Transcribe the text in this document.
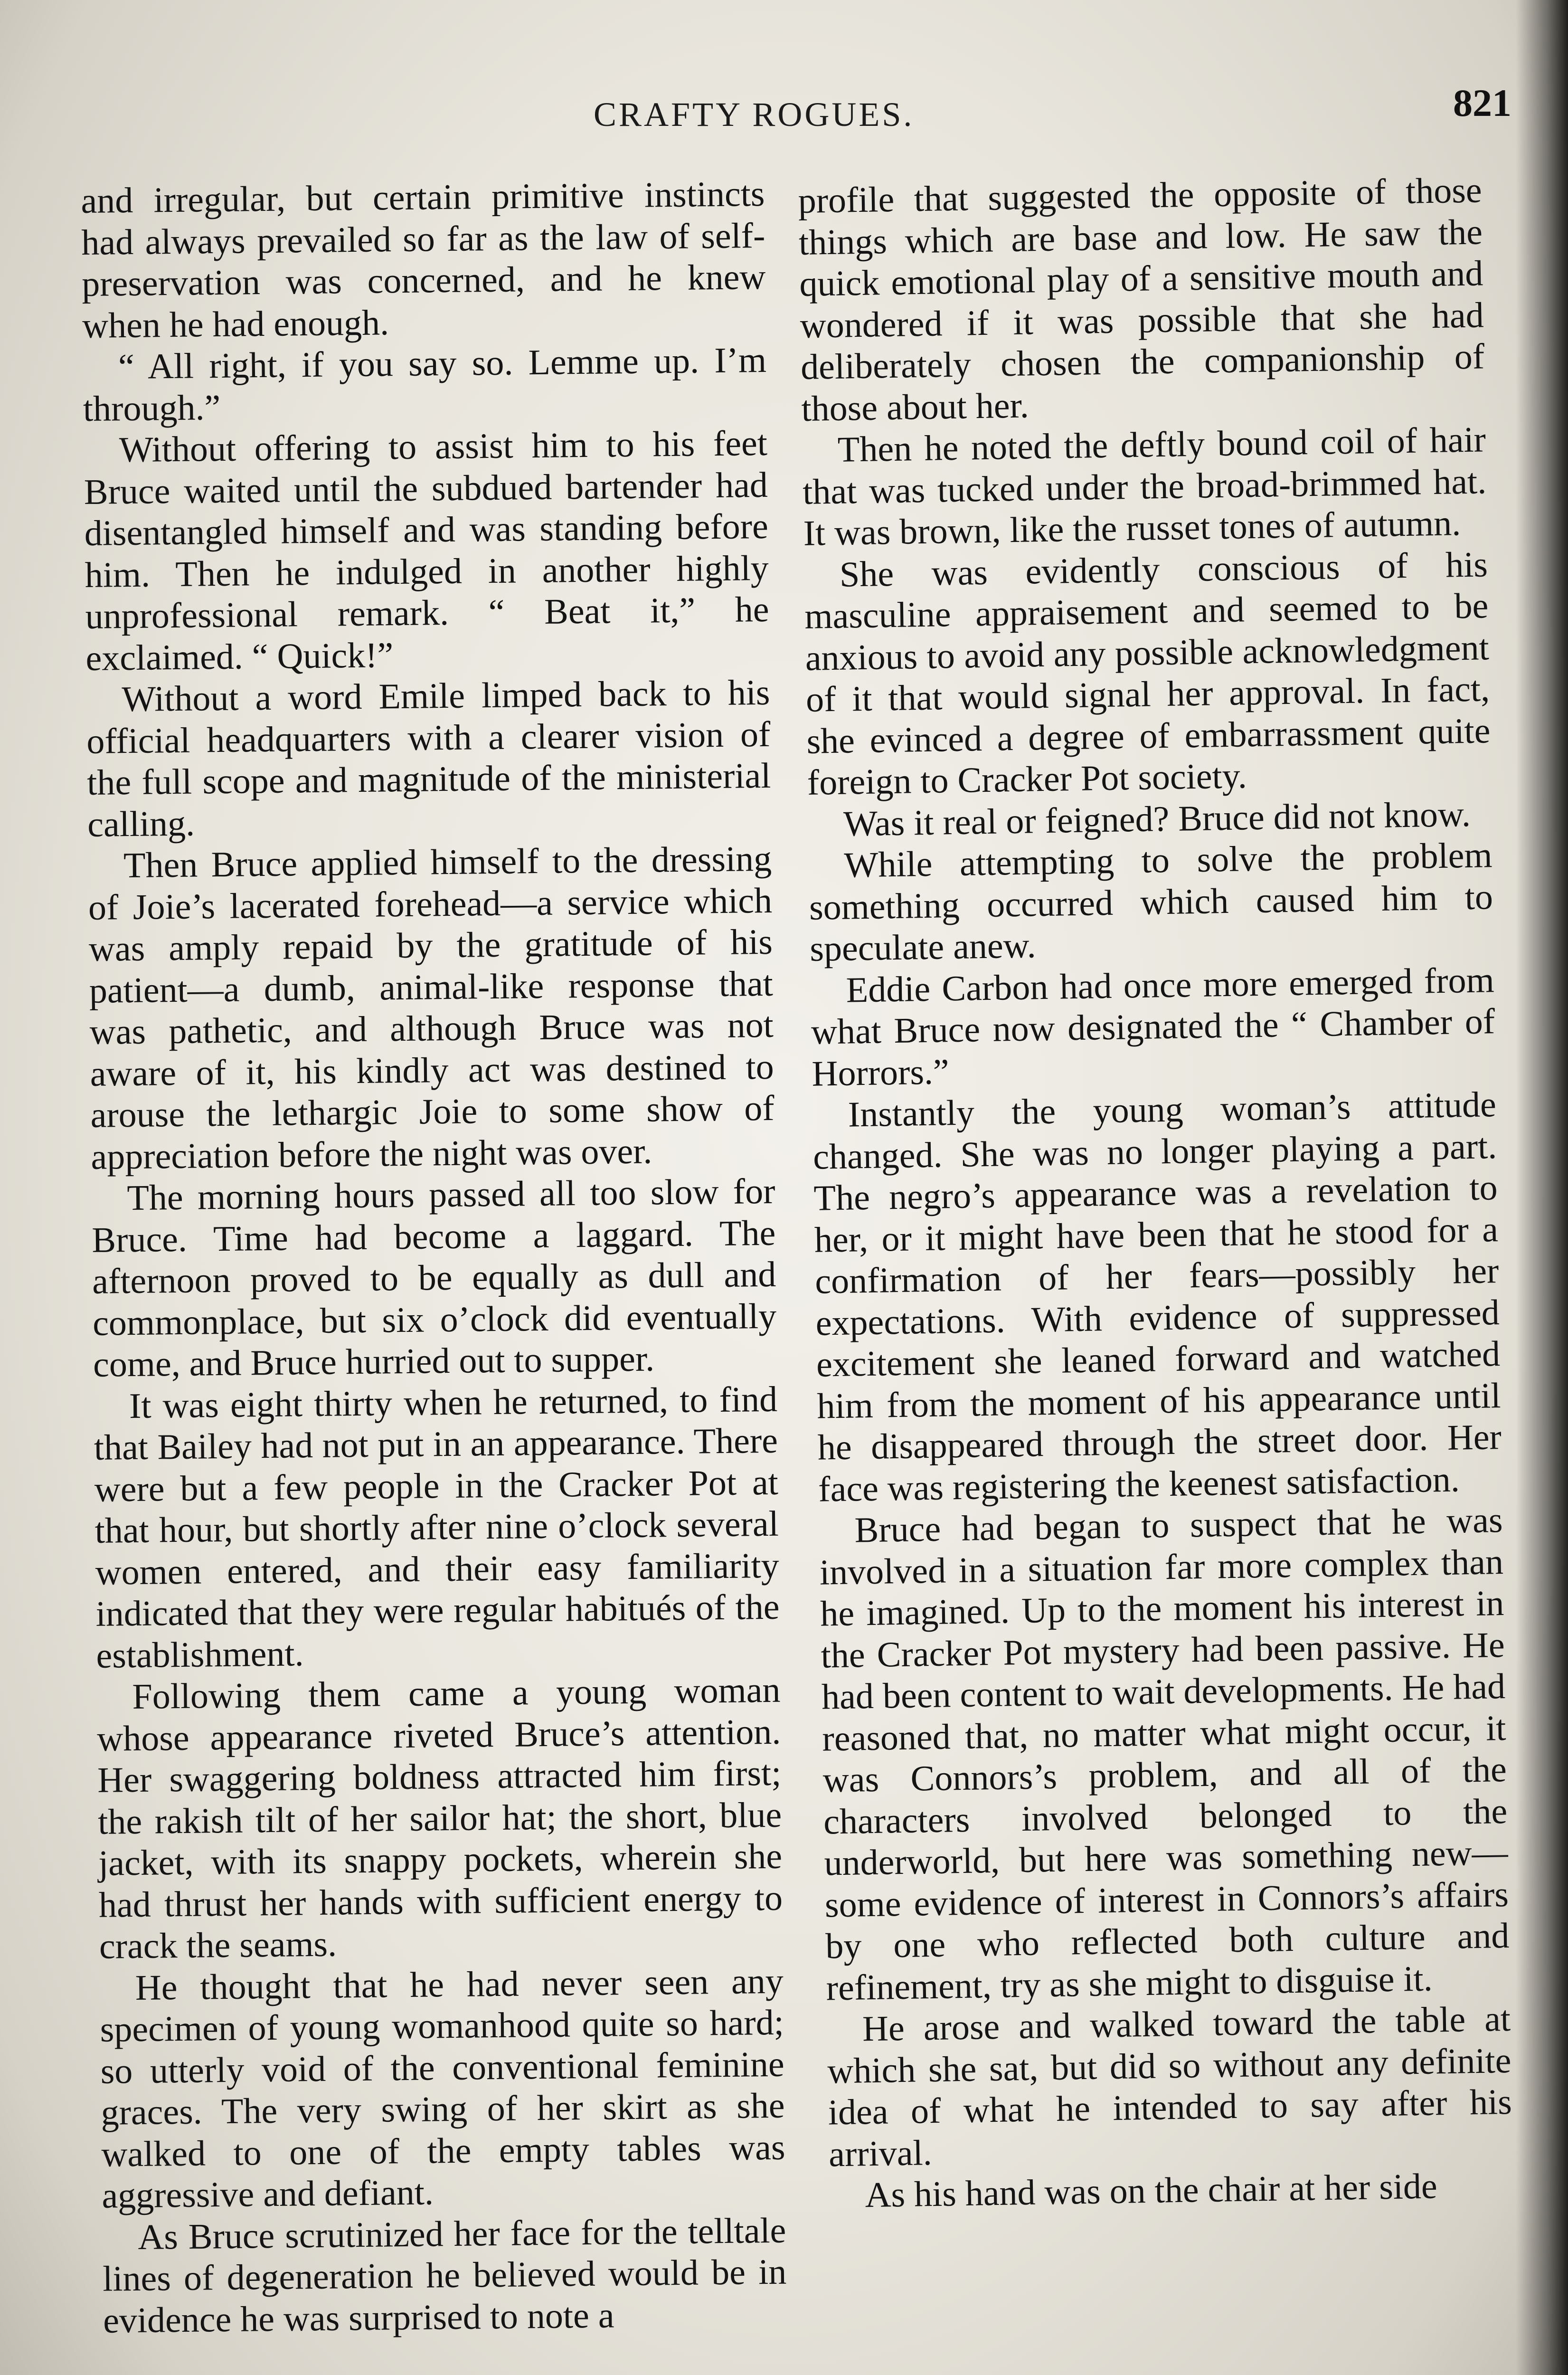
CRAFTY ROGUES.	821

and irregular, but certain primitive instincts had always prevailed so far as the law of self-preservation was concerned, and he knew when he had enough.

“ All right, if you say so. Lemme up. I’m through.”

Without offering to assist him to his feet Bruce waited until the subdued bartender had disentangled himself and was standing before him. Then he indulged in another highly unprofessional remark. “ Beat it,” he exclaimed. “ Quick!”

Without a word Emile limped back to his official headquarters with a clearer vision of the full scope and magnitude of the ministerial calling.

Then Bruce applied himself to the dressing of Joie’s lacerated forehead—a service which was amply repaid by the gratitude of his patient—a dumb, animal-like response that was pathetic, and although Bruce was not aware of it, his kindly act was destined to arouse the lethargic Joie to some show of appreciation before the night was over.

The morning hours passed all too slow for Bruce. Time had become a laggard. The afternoon proved to be equally as dull and commonplace, but six o’clock did eventually come, and Bruce hurried out to supper.

It was eight thirty when he returned, to find that Bailey had not put in an appearance. There were but a few people in the Cracker Pot at that hour, but shortly after nine o’clock several women entered, and their easy familiarity indicated that they were regular habitués of the establishment.

Following them came a young woman whose appearance riveted Bruce’s attention. Her swaggering boldness attracted him first; the rakish tilt of her sailor hat; the short, blue jacket, with its snappy pockets, wherein she had thrust her hands with sufficient energy to crack the seams.

He thought that he had never seen any specimen of young womanhood quite so hard; so utterly void of the conventional feminine graces. The very swing of her skirt as she walked to one of the empty tables was aggressive and defiant.

As Bruce scrutinized her face for the telltale lines of degeneration he believed would be in evidence he was surprised to note a

profile that suggested the opposite of those things which are base and low. He saw the quick emotional play of a sensitive mouth and wondered if it was possible that she had deliberately chosen the companionship of those about her.

Then he noted the deftly bound coil of hair that was tucked under the broad-brimmed hat. It was brown, like the russet tones of autumn.

She was evidently conscious of his masculine appraisement and seemed to be anxious to avoid any possible acknowledgment of it that would signal her approval. In fact, she evinced a degree of embarrassment quite foreign to Cracker Pot society.

Was it real or feigned? Bruce did not know.

While attempting to solve the problem something occurred which caused him to speculate anew.

Eddie Carbon had once more emerged from what Bruce now designated the “ Chamber of Horrors.”

Instantly the young woman’s attitude changed. She was no longer playing a part. The negro’s appearance was a revelation to her, or it might have been that he stood for a confirmation of her fears—possibly her expectations. With evidence of suppressed excitement she leaned forward and watched him from the moment of his appearance until he disappeared through the street door. Her face was registering the keenest satisfaction.

Bruce had began to suspect that he was involved in a situation far more complex than he imagined. Up to the moment his interest in the Cracker Pot mystery had been passive. He had been content to wait developments. He had reasoned that, no matter what might occur, it was Connors’s problem, and all of the characters involved belonged to the underworld, but here was something new—some evidence of interest in Connors’s affairs by one who reflected both culture and refinement, try as she might to disguise it.

He arose and walked toward the table at which she sat, but did so without any definite idea of what he intended to say after his arrival.

As his hand was on the chair at her side
